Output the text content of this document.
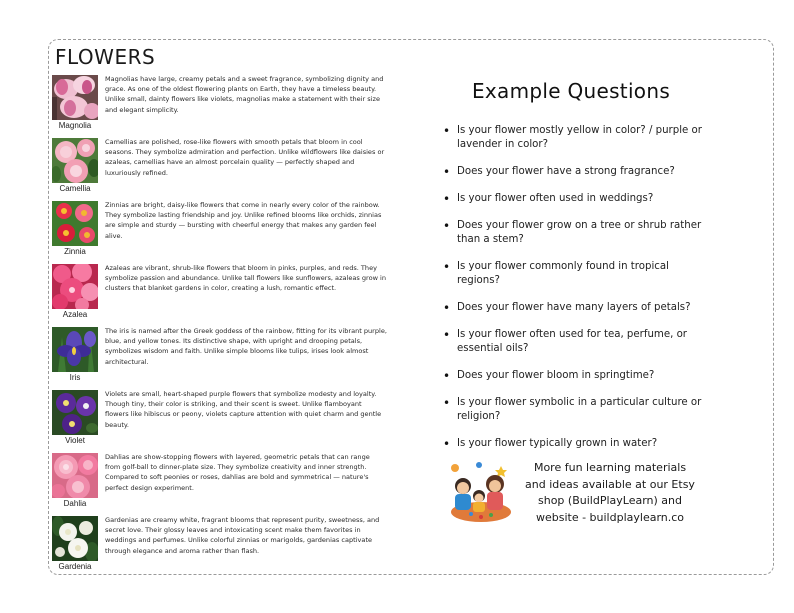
FLOWERS
Magnolia
Magnolias have large, creamy petals and a sweet fragrance, symbolizing dignity and grace. As one of the oldest flowering plants on Earth, they have a timeless beauty. Unlike small, dainty flowers like violets, magnolias make a statement with their size and elegant simplicity.
Camellia
Camellias are polished, rose-like flowers with smooth petals that bloom in cool seasons. They symbolize admiration and perfection. Unlike wildflowers like daisies or azaleas, camellias have an almost porcelain quality — perfectly shaped and luxuriously refined.
Zinnia
Zinnias are bright, daisy-like flowers that come in nearly every color of the rainbow. They symbolize lasting friendship and joy. Unlike refined blooms like orchids, zinnias are simple and sturdy — bursting with cheerful energy that makes any garden feel alive.
Azalea
Azaleas are vibrant, shrub-like flowers that bloom in pinks, purples, and reds. They symbolize passion and abundance. Unlike tall flowers like sunflowers, azaleas grow in clusters that blanket gardens in color, creating a lush, romantic effect.
Iris
The iris is named after the Greek goddess of the rainbow, fitting for its vibrant purple, blue, and yellow tones. Its distinctive shape, with upright and drooping petals, symbolizes wisdom and faith. Unlike simple blooms like tulips, irises look almost architectural.
Violet
Violets are small, heart-shaped purple flowers that symbolize modesty and loyalty. Though tiny, their color is striking, and their scent is sweet. Unlike flamboyant flowers like hibiscus or peony, violets capture attention with quiet charm and gentle beauty.
Dahlia
Dahlias are show-stopping flowers with layered, geometric petals that can range from golf-ball to dinner-plate size. They symbolize creativity and inner strength. Compared to soft peonies or roses, dahlias are bold and symmetrical — nature's perfect design experiment.
Gardenia
Gardenias are creamy white, fragrant blooms that represent purity, sweetness, and secret love. Their glossy leaves and intoxicating scent make them favorites in weddings and perfumes. Unlike colorful zinnias or marigolds, gardenias captivate through elegance and aroma rather than flash.
Example Questions
• Is your flower mostly yellow in color? / purple or lavender in color?
• Does your flower have a strong fragrance?
• Is your flower often used in weddings?
• Does your flower grow on a tree or shrub rather than a stem?
• Is your flower commonly found in tropical regions?
• Does your flower have many layers of petals?
• Is your flower often used for tea, perfume, or essential oils?
• Does your flower bloom in springtime?
• Is your flower symbolic in a particular culture or religion?
• Is your flower typically grown in water?
More fun learning materials
and ideas available at our Etsy
shop (BuildPlayLearn) and
website - buildplaylearn.co
